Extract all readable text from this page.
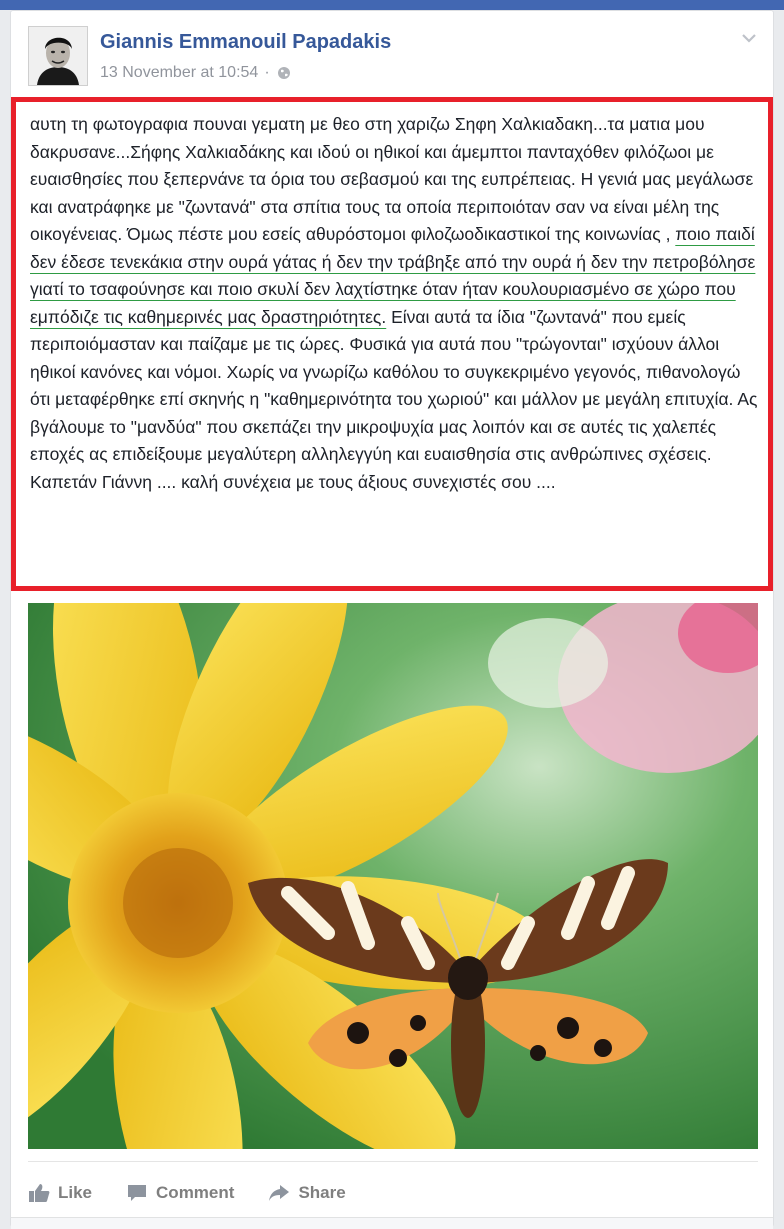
Giannis Emmanouil Papadakis
13 November at 10:54 ·
αυτη τη φωτογραφια πουναι γεματη με θεο στη χαριζω Σηφη Χαλκιαδακη...τα ματια μου δακρυσανε...Σήφης Χαλκιαδάκης και ιδού οι ηθικοί και άμεμπτοι πανταχόθεν φιλόζωοι με ευαισθησίες που ξεπερνάνε τα όρια του σεβασμού και της ευπρέπειας. Η γενιά μας μεγάλωσε και ανατράφηκε με "ζωντανά" στα σπίτια τους τα οποία περιποιόταν σαν να είναι μέλη της οικογένειας. Όμως πέστε μου εσείς αθυρόστομοι φιλοζωοδικαστικοί της κοινωνίας , ποιο παιδί δεν έδεσε τενεκάκια στην ουρά γάτας ή δεν την τράβηξε από την ουρά ή δεν την πετροβόλησε γιατί το τσαφούνησε και ποιο σκυλί δεν λαχτίστηκε όταν ήταν κουλουριασμένο σε χώρο που εμπόδιζε τις καθημερινές μας δραστηριότητες. Είναι αυτά τα ίδια "ζωντανά" που εμείς περιποιόμασταν και παίζαμε με τις ώρες. Φυσικά για αυτά που "τρώγονται" ισχύουν άλλοι ηθικοί κανόνες και νόμοι. Χωρίς να γνωρίζω καθόλου το συγκεκριμένο γεγονός, πιθανολογώ ότι μεταφέρθηκε επί σκηνής η "καθημερινότητα του χωριού" και μάλλον με μεγάλη επιτυχία. Ας βγάλουμε το "μανδύα" που σκεπάζει την μικροψυχία μας λοιπόν και σε αυτές τις χαλεπές εποχές ας επιδείξουμε μεγαλύτερη αλληλεγγύη και ευαισθησία στις ανθρώπινες σχέσεις. Καπετάν Γιάννη .... καλή συνέχεια με τους άξιους συνεχιστές σου ....
Like	Comment	Share
